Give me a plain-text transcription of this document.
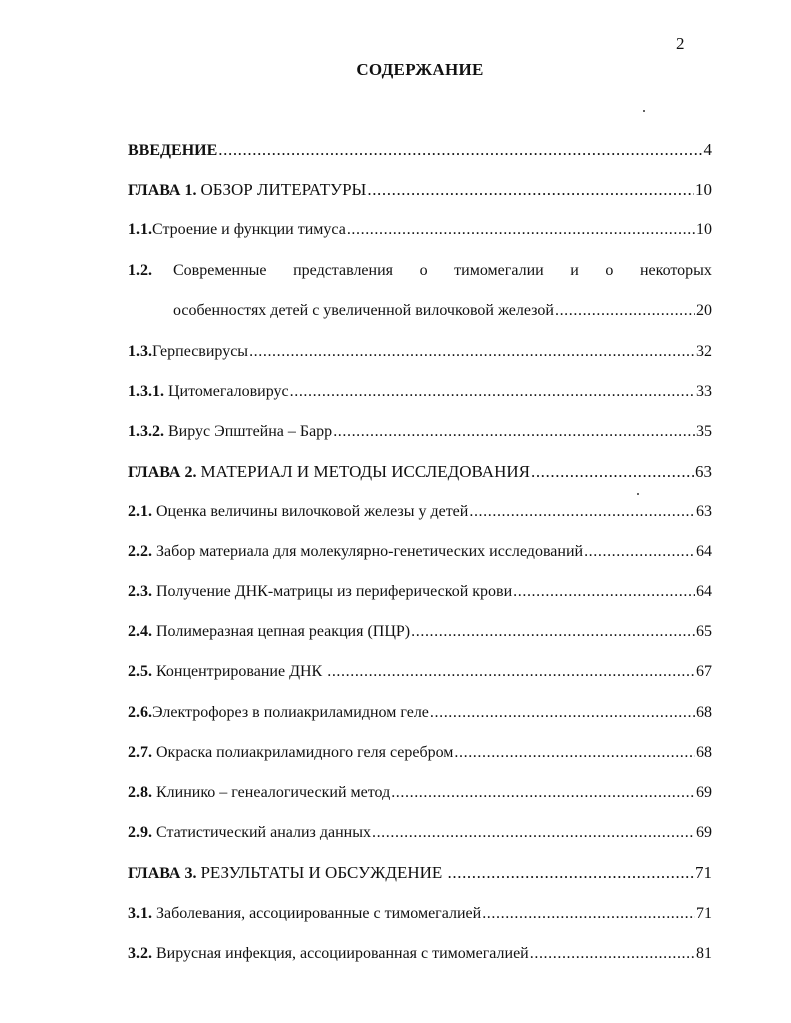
2
СОДЕРЖАНИЕ
ВВЕДЕНИЕ .....	4
ГЛАВА 1. ОБЗОР ЛИТЕРАТУРЫ .....	10
1.1. Строение и функции тимуса .....	10
1.2. Современные представления о тимомегалии и о некоторых
особенностях детей с увеличенной вилочковой железой .....	20
1.3. Герпесвирусы .....	32
1.3.1. Цитомегаловирус .....	33
1.3.2. Вирус Эпштейна – Барр .....	35
ГЛАВА 2. МАТЕРИАЛ И МЕТОДЫ ИССЛЕДОВАНИЯ .....	63
2.1. Оценка величины вилочковой железы у детей .....	63
2.2. Забор материала для молекулярно-генетических исследований .....	64
2.3. Получение ДНК-матрицы из периферической крови .....	64
2.4. Полимеразная цепная реакция (ПЦР) .....	65
2.5. Концентрирование ДНК .....	67
2.6. Электрофорез в полиакриламидном геле .....	68
2.7. Окраска полиакриламидного геля серебром .....	68
2.8. Клинико – генеалогический метод .....	69
2.9. Статистический анализ данных .....	69
ГЛАВА 3. РЕЗУЛЬТАТЫ И ОБСУЖДЕНИЕ .....	71
3.1. Заболевания, ассоциированные с тимомегалией .....	71
3.2. Вирусная инфекция, ассоциированная с тимомегалией .....	81
